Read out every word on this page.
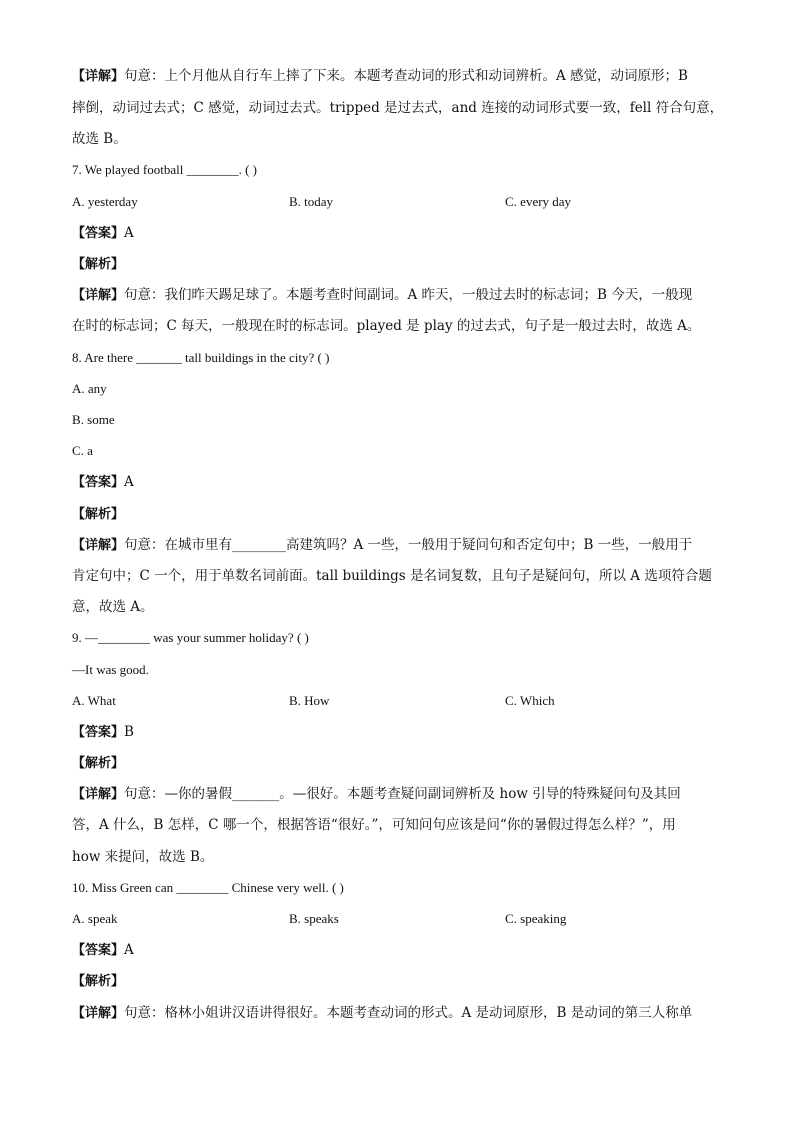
【详解】句意：上个月他从自行车上摔了下来。本题考查动词的形式和动词辨析。A 感觉，动词原形；B
摔倒，动词过去式；C 感觉，动词过去式。tripped 是过去式，and 连接的动词形式要一致，fell 符合句意，
故选 B。
7. We played football ________. ( )
A. yesterday	B. today	C. every day
【答案】A
【解析】
【详解】句意：我们昨天踢足球了。本题考查时间副词。A 昨天，一般过去时的标志词；B 今天，一般现
在时的标志词；C 每天，一般现在时的标志词。played 是 play 的过去式，句子是一般过去时，故选 A。
8. Are there _______ tall buildings in the city? ( )
A. any
B. some
C. a
【答案】A
【解析】
【详解】句意：在城市里有________高建筑吗？A 一些，一般用于疑问句和否定句中；B 一些，一般用于
肯定句中；C 一个，用于单数名词前面。tall buildings 是名词复数，且句子是疑问句，所以 A 选项符合题
意，故选 A。
9. —________ was your summer holiday? ( )
—It was good.
A. What	B. How	C. Which
【答案】B
【解析】
【详解】句意：—你的暑假_______。—很好。本题考查疑问副词辨析及 how 引导的特殊疑问句及其回
答，A 什么，B 怎样，C 哪一个，根据答语“很好。”，可知问句应该是问“你的暑假过得怎么样？”，用
how 来提问，故选 B。
10. Miss Green can ________ Chinese very well. ( )
A. speak	B. speaks	C. speaking
【答案】A
【解析】
【详解】句意：格林小姐讲汉语讲得很好。本题考查动词的形式。A 是动词原形，B 是动词的第三人称单
